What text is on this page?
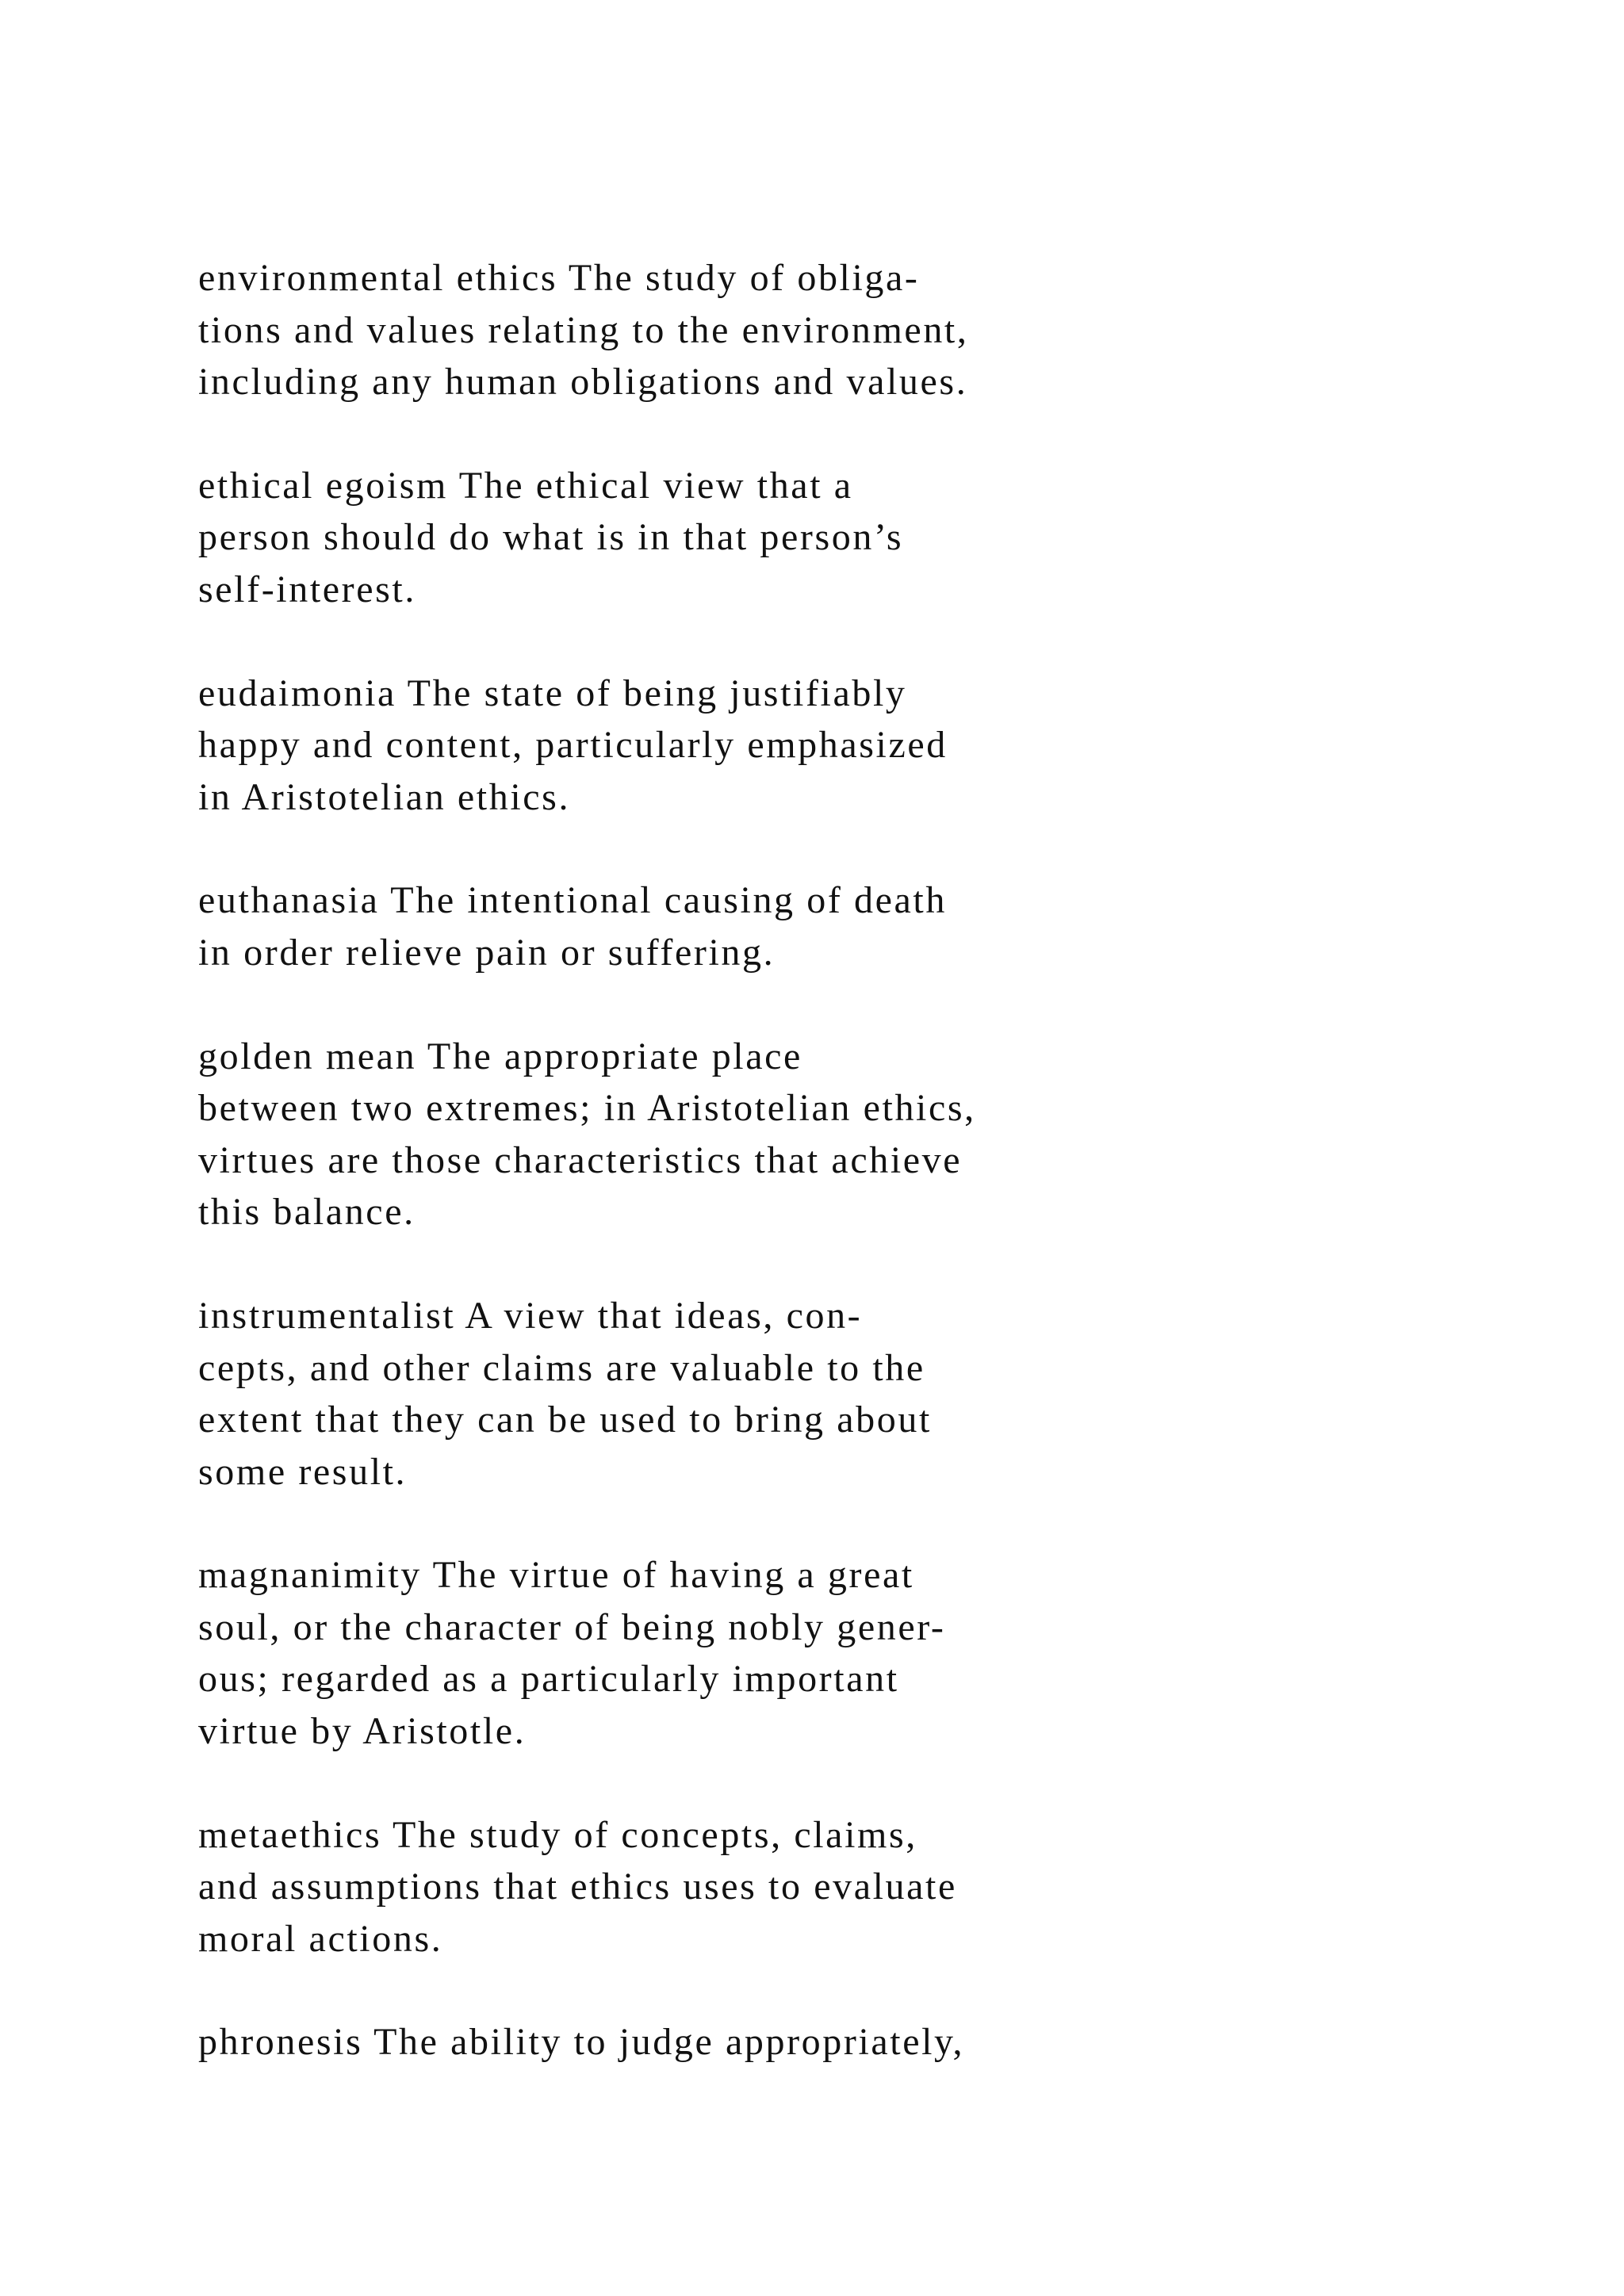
environmental ethics The study of obliga-
tions and values relating to the environment,
including any human obligations and values.
ethical egoism The ethical view that a
person should do what is in that person’s
self-interest.
eudaimonia The state of being justifiably
happy and content, particularly emphasized
in Aristotelian ethics.
euthanasia The intentional causing of death
in order relieve pain or suffering.
golden mean The appropriate place
between two extremes; in Aristotelian ethics,
virtues are those characteristics that achieve
this balance.
instrumentalist A view that ideas, con-
cepts, and other claims are valuable to the
extent that they can be used to bring about
some result.
magnanimity The virtue of having a great
soul, or the character of being nobly gener-
ous; regarded as a particularly important
virtue by Aristotle.
metaethics The study of concepts, claims,
and assumptions that ethics uses to evaluate
moral actions.
phronesis The ability to judge appropriately,
